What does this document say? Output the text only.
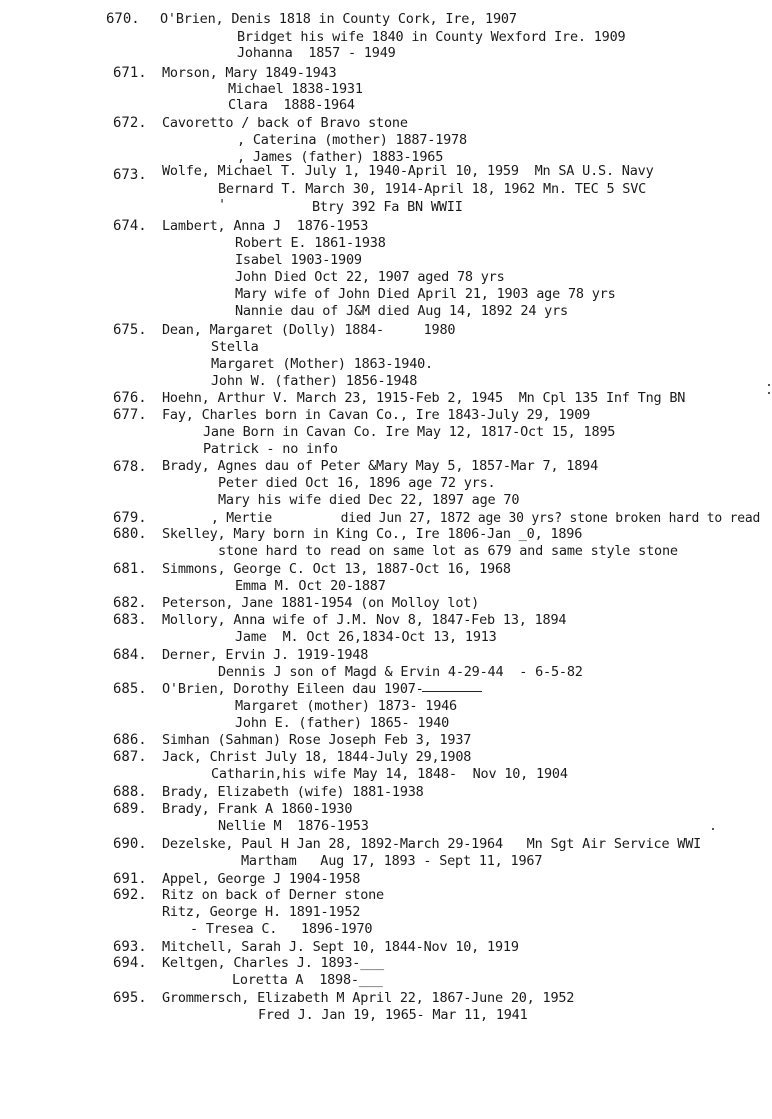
670. O'Brien, Denis 1818 in County Cork, Ire, 1907
Bridget his wife 1840 in County Wexford Ire. 1909
Johanna  1857 - 1949
671. Morson, Mary 1849-1943
Michael 1838-1931
Clara  1888-1964
672. Cavoretto / back of Bravo stone
, Caterina (mother) 1887-1978
, James (father) 1883-1965
673. Wolfe, Michael T. July 1, 1940-April 10, 1959  Mn SA U.S. Navy
Bernard T. March 30, 1914-April 18, 1962 Mn. TEC 5 SVC
'	Btry 392 Fa BN WWII
674. Lambert, Anna J  1876-1953
Robert E. 1861-1938
Isabel 1903-1909
John Died Oct 22, 1907 aged 78 yrs
Mary wife of John Died April 21, 1903 age 78 yrs
Nannie dau of J&M died Aug 14, 1892 24 yrs
675. Dean, Margaret (Dolly) 1884-     1980
Stella
Margaret (Mother) 1863-1940.
John W. (father) 1856-1948
676. Hoehn, Arthur V. March 23, 1915-Feb 2, 1945  Mn Cpl 135 Inf Tng BN
677. Fay, Charles born in Cavan Co., Ire 1843-July 29, 1909
Jane Born in Cavan Co. Ire May 12, 1817-Oct 15, 1895
Patrick - no info
678. Brady, Agnes dau of Peter &Mary May 5, 1857-Mar 7, 1894
Peter died Oct 16, 1896 age 72 yrs.
Mary his wife died Dec 22, 1897 age 70
679.	, Mertie         died Jun 27, 1872 age 30 yrs? stone broken hard to read
680. Skelley, Mary born in King Co., Ire 1806-Jan _0, 1896
stone hard to read on same lot as 679 and same style stone
681. Simmons, George C. Oct 13, 1887-Oct 16, 1968
Emma M. Oct 20-1887
682. Peterson, Jane 1881-1954 (on Molloy lot)
683. Mollory, Anna wife of J.M. Nov 8, 1847-Feb 13, 1894
Jame  M. Oct 26,1834-Oct 13, 1913
684. Derner, Ervin J. 1919-1948
Dennis J son of Magd & Ervin 4-29-44  - 6-5-82
685. O'Brien, Dorothy Eileen dau 1907-
Margaret (mother) 1873- 1946
John E. (father) 1865- 1940
686. Simhan (Sahman) Rose Joseph Feb 3, 1937
687. Jack, Christ July 18, 1844-July 29,1908
Catharin,his wife May 14, 1848-  Nov 10, 1904
688. Brady, Elizabeth (wife) 1881-1938
689. Brady, Frank A 1860-1930
Nellie M  1876-1953
690. Dezelske, Paul H Jan 28, 1892-March 29-1964   Mn Sgt Air Service WWI
Martham   Aug 17, 1893 - Sept 11, 1967
691. Appel, George J 1904-1958
692. Ritz on back of Derner stone
Ritz, George H. 1891-1952
- Tresea C.   1896-1970
693. Mitchell, Sarah J. Sept 10, 1844-Nov 10, 1919
694. Keltgen, Charles J. 1893-___
Loretta A  1898-___
695. Grommersch, Elizabeth M April 22, 1867-June 20, 1952
Fred J. Jan 19, 1965- Mar 11, 1941
